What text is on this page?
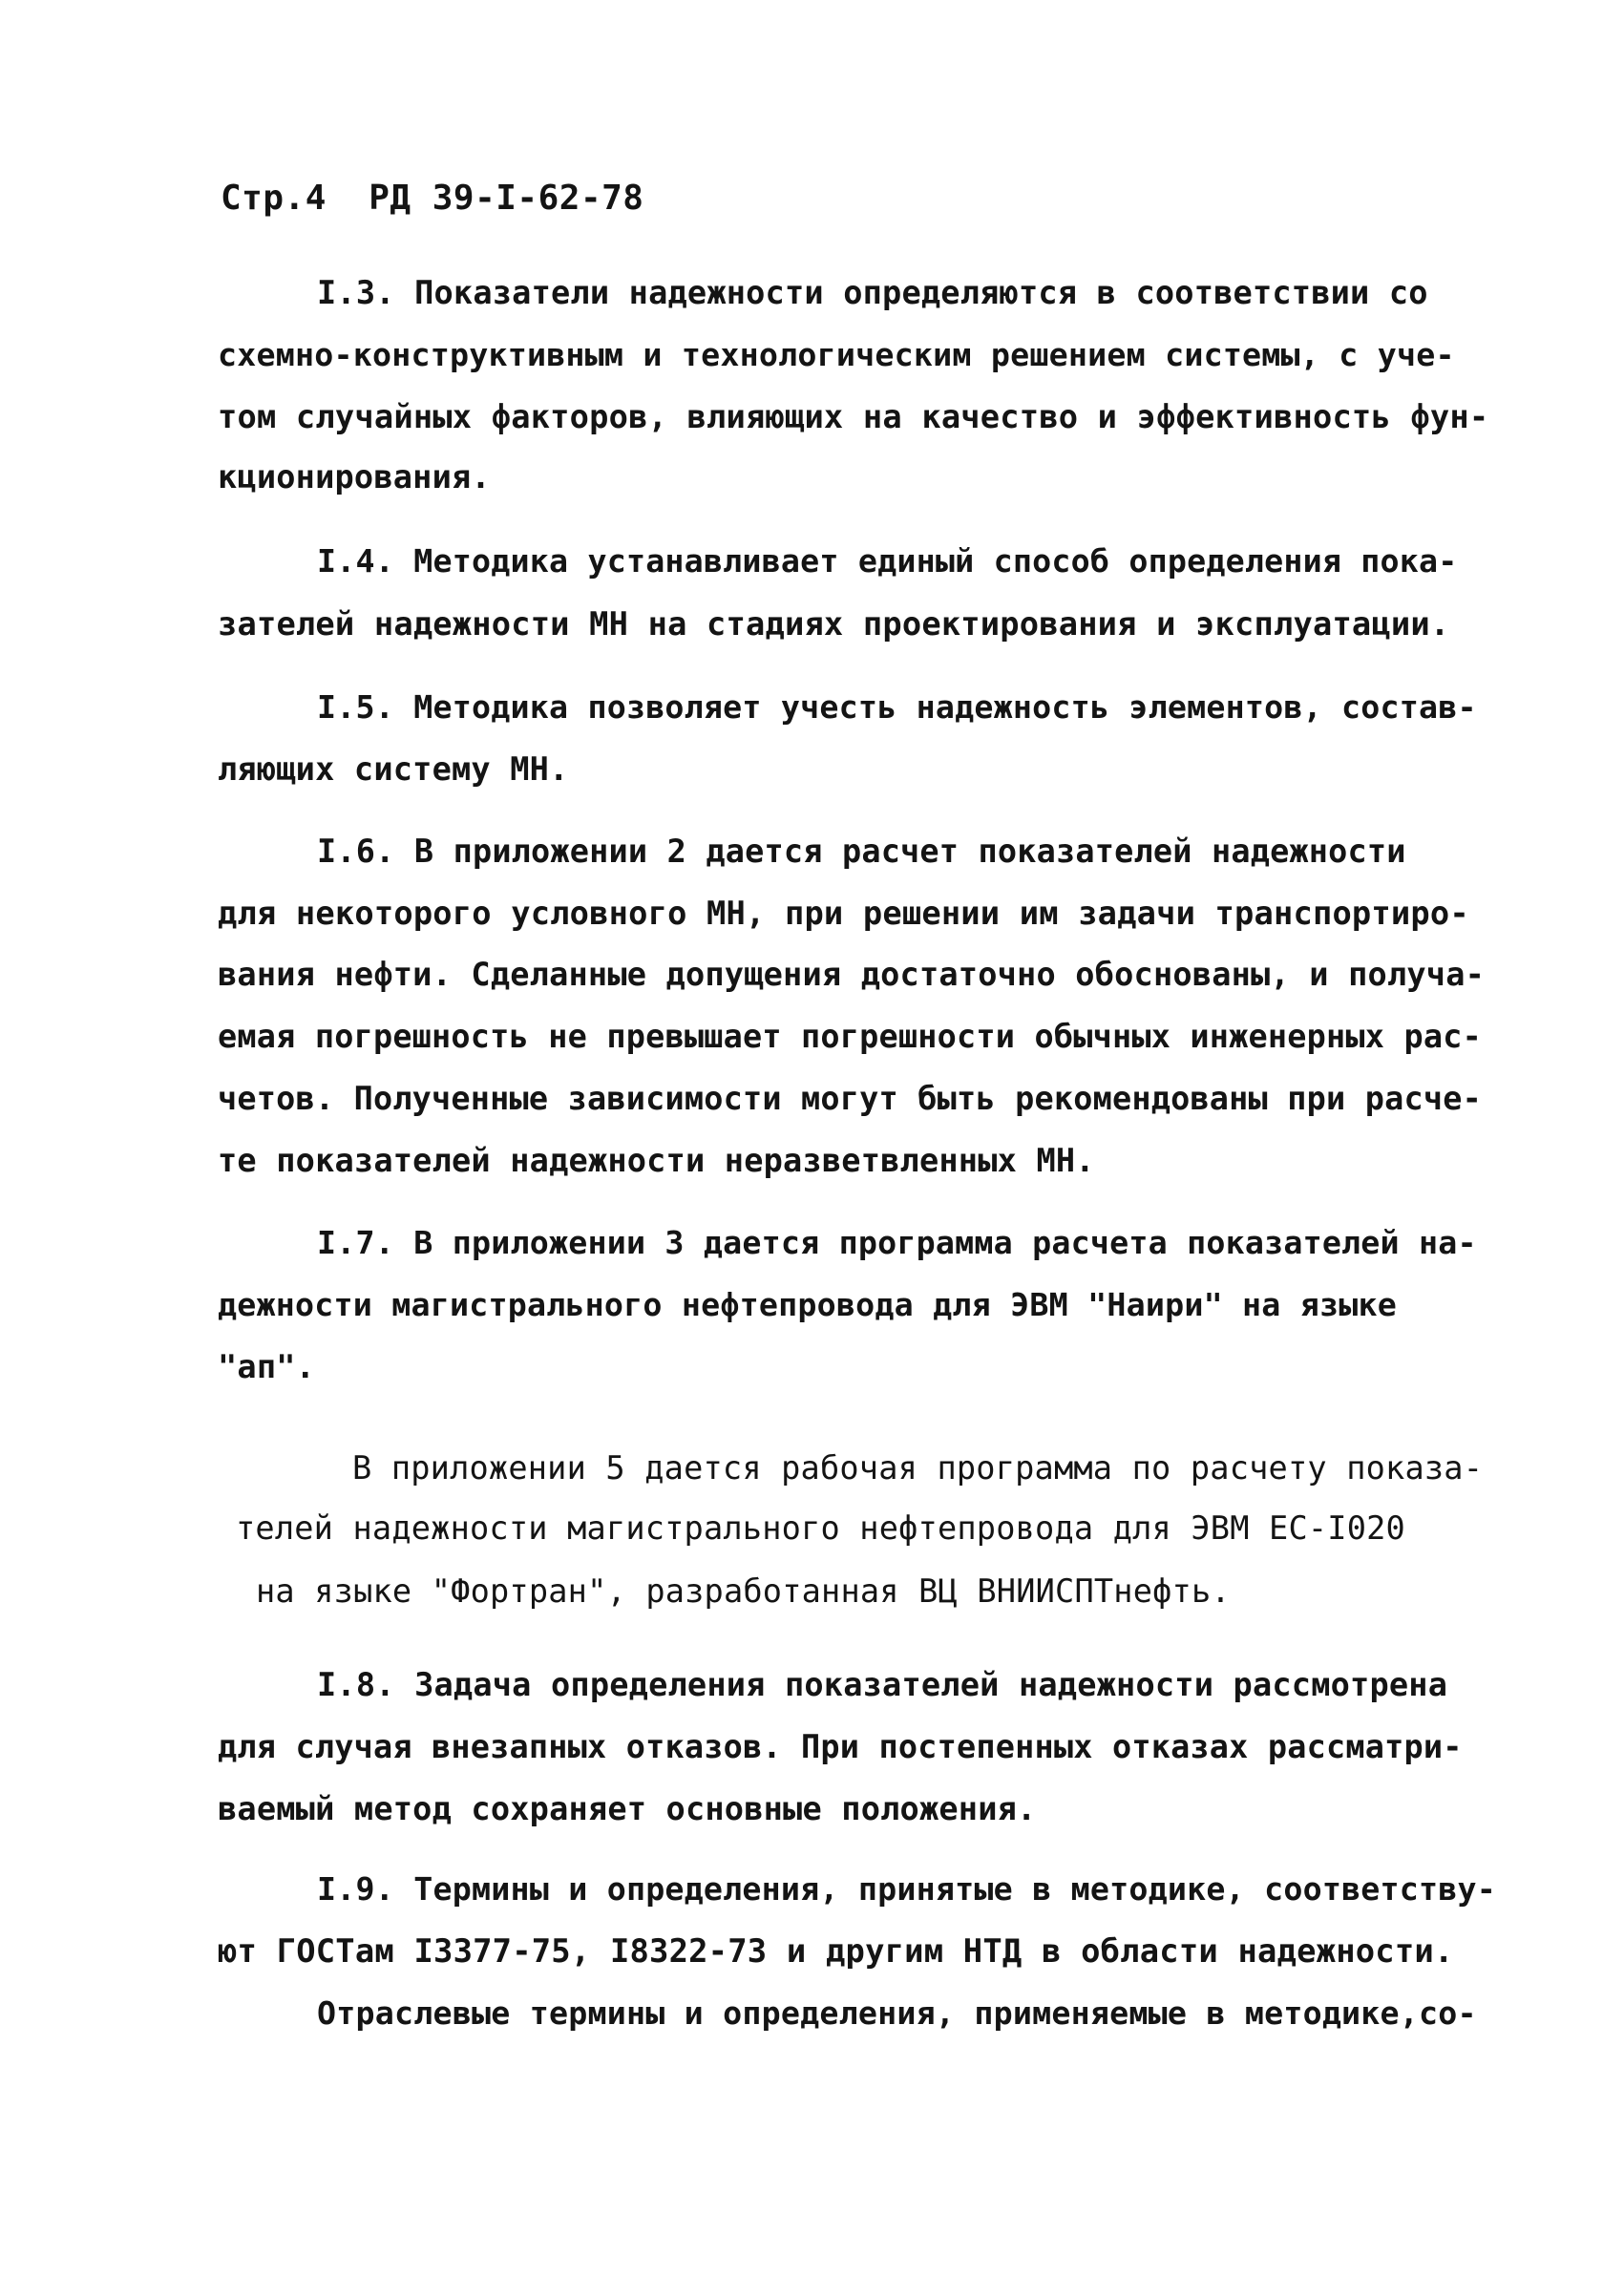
Стр.4  РД 39-I-62-78
I.3. Показатели надежности определяются в соответствии со
схемно-конструктивным и технологическим решением системы, с уче-
том случайных факторов, влияющих на качество и эффективность фун-
кционирования.
I.4. Методика устанавливает единый способ определения пока-
зателей надежности МН на стадиях проектирования и эксплуатации.
I.5. Методика позволяет учесть надежность элементов, состав-
ляющих систему МН.
I.6. В приложении 2 дается расчет показателей надежности
для некоторого условного МН, при решении им задачи транспортиро-
вания нефти. Сделанные допущения достаточно обоснованы, и получа-
емая погрешность не превышает погрешности обычных инженерных рас-
четов. Полученные зависимости могут быть рекомендованы при расче-
те показателей надежности неразветвленных МН.
I.7. В приложении 3 дается программа расчета показателей на-
дежности магистрального нефтепровода для ЭВМ "Наири" на языке
"ап".
В приложении 5 дается рабочая программа по расчету показа-
телей надежности магистрального нефтепровода для ЭВМ ЕС-I020
на языке "Фортран", разработанная ВЦ ВНИИСПТнефть.
I.8. Задача определения показателей надежности рассмотрена
для случая внезапных отказов. При постепенных отказах рассматри-
ваемый метод сохраняет основные положения.
I.9. Термины и определения, принятые в методике, соответству-
ют ГОСТам I3377-75, I8322-73 и другим НТД в области надежности.
Отраслевые термины и определения, применяемые в методике,со-
